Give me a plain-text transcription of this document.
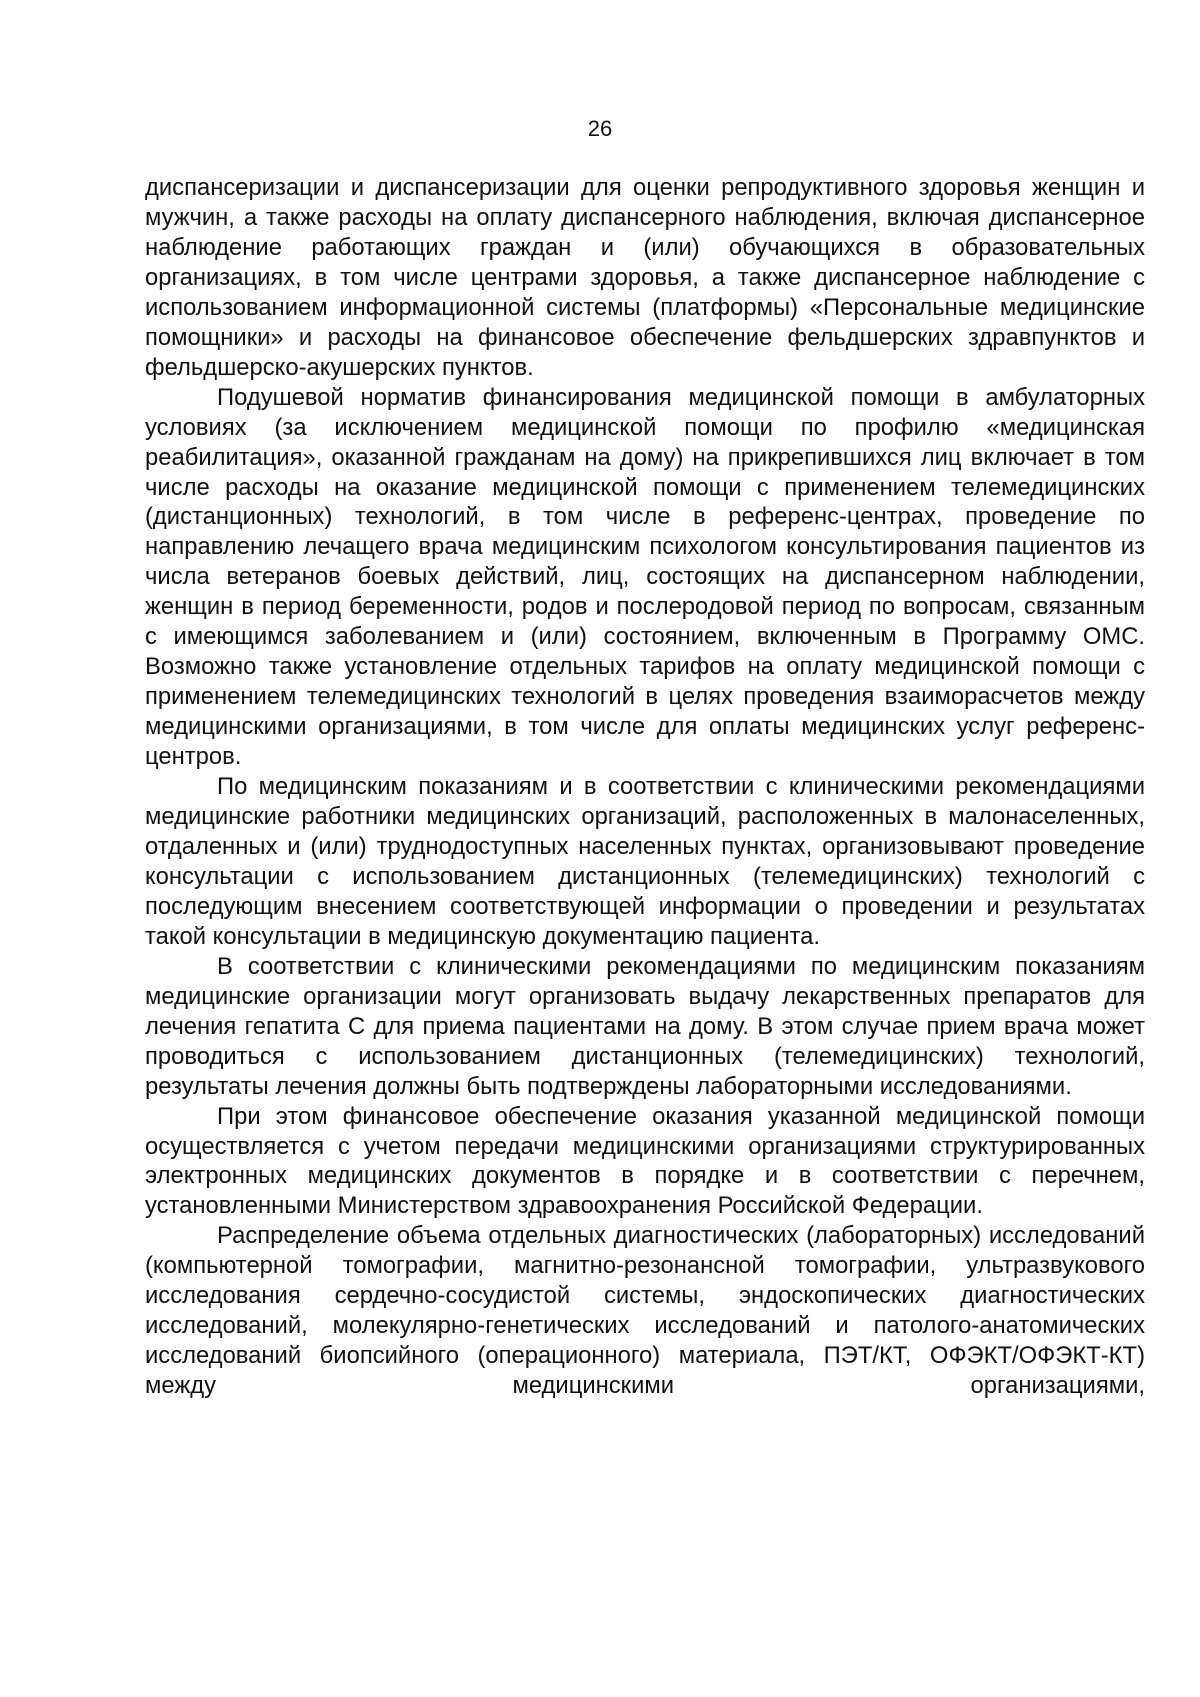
26

диспансеризации и диспансеризации для оценки репродуктивного здоровья женщин и мужчин, а также расходы на оплату диспансерного наблюдения, включая диспансерное наблюдение работающих граждан и (или) обучающихся в образовательных организациях, в том числе центрами здоровья, а также диспансерное наблюдение с использованием информационной системы (платформы) «Персональные медицинские помощники» и расходы на финансовое обеспечение фельдшерских здравпунктов и фельдшерско-акушерских пунктов.

Подушевой норматив финансирования медицинской помощи в амбулаторных условиях (за исключением медицинской помощи по профилю «медицинская реабилитация», оказанной гражданам на дому) на прикрепившихся лиц включает в том числе расходы на оказание медицинской помощи с применением телемедицинских (дистанционных) технологий, в том числе в референс-центрах, проведение по направлению лечащего врача медицинским психологом консультирования пациентов из числа ветеранов боевых действий, лиц, состоящих на диспансерном наблюдении, женщин в период беременности, родов и послеродовой период по вопросам, связанным с имеющимся заболеванием и (или) состоянием, включенным в Программу ОМС. Возможно также установление отдельных тарифов на оплату медицинской помощи с применением телемедицинских технологий в целях проведения взаиморасчетов между медицинскими организациями, в том числе для оплаты медицинских услуг референс-центров.

По медицинским показаниям и в соответствии с клиническими рекомендациями медицинские работники медицинских организаций, расположенных в малонаселенных, отдаленных и (или) труднодоступных населенных пунктах, организовывают проведение консультации с использованием дистанционных (телемедицинских) технологий с последующим внесением соответствующей информации о проведении и результатах такой консультации в медицинскую документацию пациента.

В соответствии с клиническими рекомендациями по медицинским показаниям медицинские организации могут организовать выдачу лекарственных препаратов для лечения гепатита С для приема пациентами на дому. В этом случае прием врача может проводиться с использованием дистанционных (телемедицинских) технологий, результаты лечения должны быть подтверждены лабораторными исследованиями.

При этом финансовое обеспечение оказания указанной медицинской помощи осуществляется с учетом передачи медицинскими организациями структурированных электронных медицинских документов в порядке и в соответствии с перечнем, установленными Министерством здравоохранения Российской Федерации.

Распределение объема отдельных диагностических (лабораторных) исследований (компьютерной томографии, магнитно-резонансной томографии, ультразвукового исследования сердечно-сосудистой системы, эндоскопических диагностических исследований, молекулярно-генетических исследований и патолого-анатомических исследований биопсийного (операционного) материала, ПЭТ/КТ, ОФЭКТ/ОФЭКТ-КТ) между медицинскими организациями,
